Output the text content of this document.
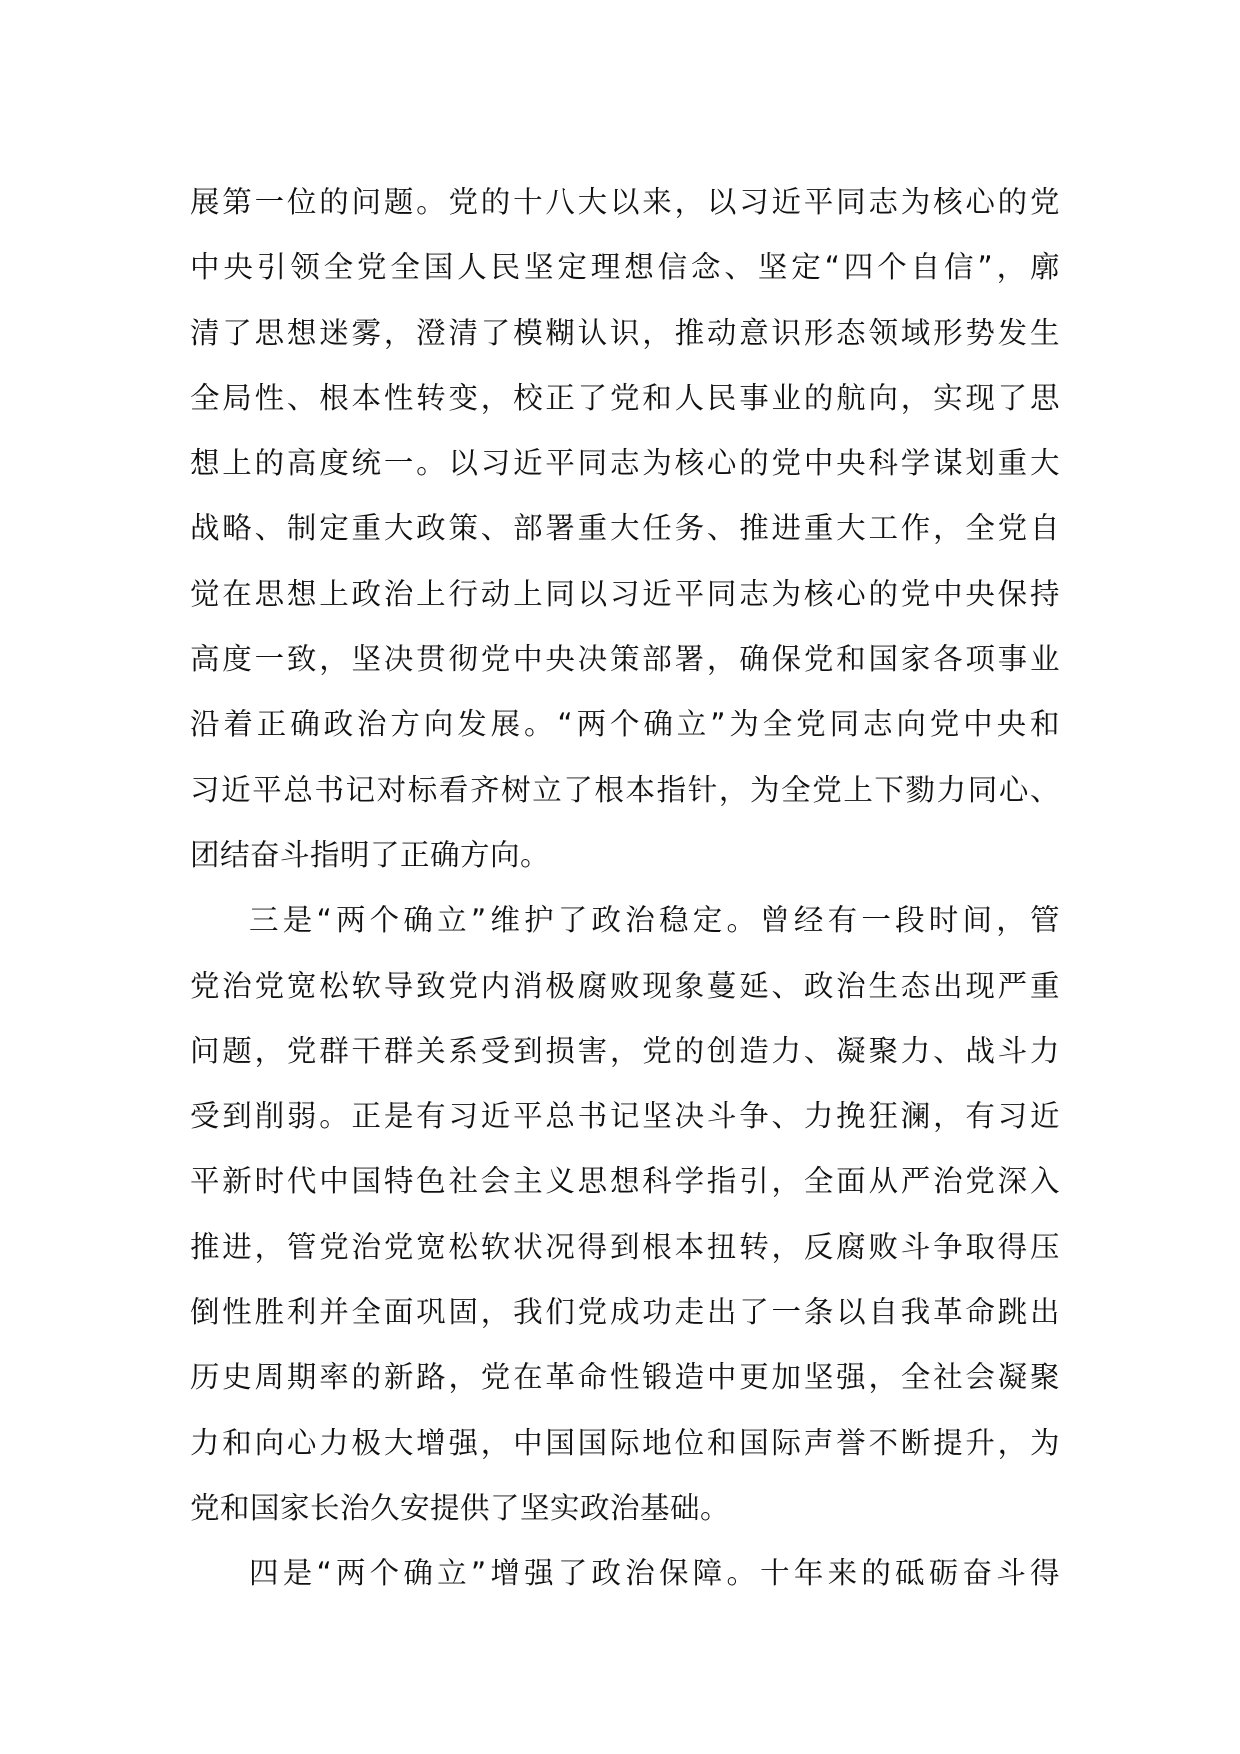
展第一位的问题。党的十八大以来，以习近平同志为核心的党
中央引领全党全国人民坚定理想信念、坚定“四个自信”，廓
清了思想迷雾，澄清了模糊认识，推动意识形态领域形势发生
全局性、根本性转变，校正了党和人民事业的航向，实现了思
想上的高度统一。以习近平同志为核心的党中央科学谋划重大
战略、制定重大政策、部署重大任务、推进重大工作，全党自
觉在思想上政治上行动上同以习近平同志为核心的党中央保持
高度一致，坚决贯彻党中央决策部署，确保党和国家各项事业
沿着正确政治方向发展。“两个确立”为全党同志向党中央和
习近平总书记对标看齐树立了根本指针，为全党上下勠力同心、
团结奋斗指明了正确方向。
三是“两个确立”维护了政治稳定。曾经有一段时间，管
党治党宽松软导致党内消极腐败现象蔓延、政治生态出现严重
问题，党群干群关系受到损害，党的创造力、凝聚力、战斗力
受到削弱。正是有习近平总书记坚决斗争、力挽狂澜，有习近
平新时代中国特色社会主义思想科学指引，全面从严治党深入
推进，管党治党宽松软状况得到根本扭转，反腐败斗争取得压
倒性胜利并全面巩固，我们党成功走出了一条以自我革命跳出
历史周期率的新路，党在革命性锻造中更加坚强，全社会凝聚
力和向心力极大增强，中国国际地位和国际声誉不断提升，为
党和国家长治久安提供了坚实政治基础。
四是“两个确立”增强了政治保障。十年来的砥砺奋斗得
